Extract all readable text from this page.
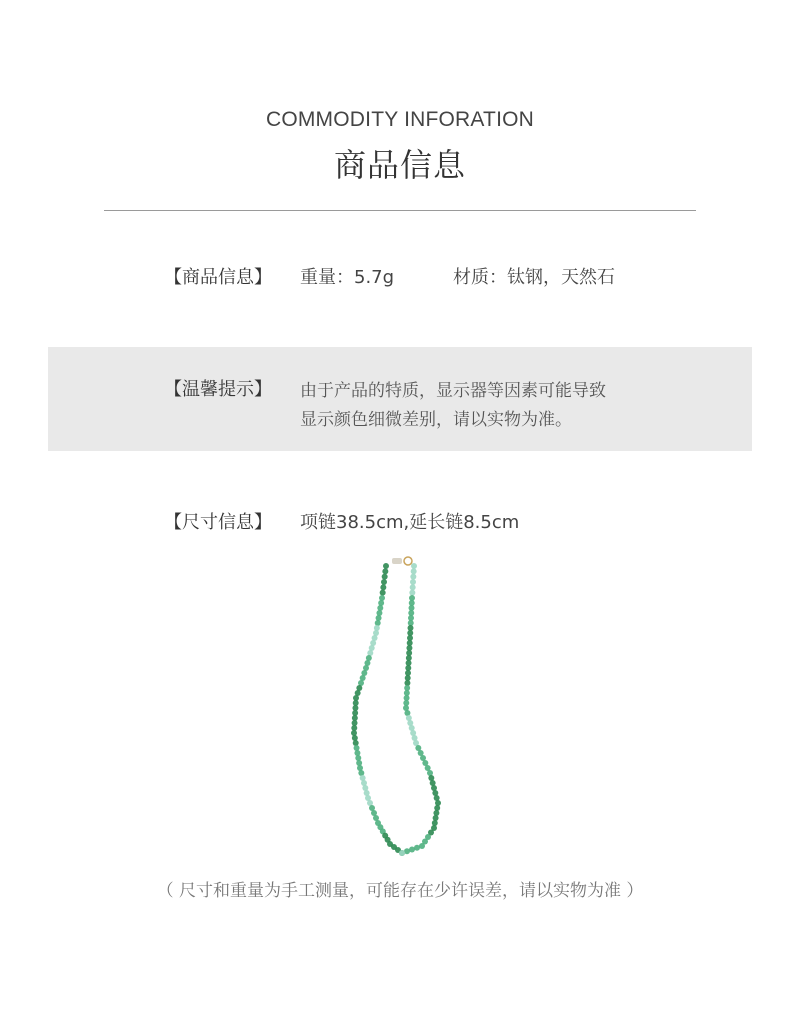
COMMODITY INFORATION
商品信息
【商品信息】 重量：5.7g	材质：钛钢，天然石
【温馨提示】 由于产品的特质，显示器等因素可能导致
显示颜色细微差别，请以实物为准。
【尺寸信息】 项链38.5cm,延长链8.5cm
（ 尺寸和重量为手工测量，可能存在少许误差，请以实物为准 ）
